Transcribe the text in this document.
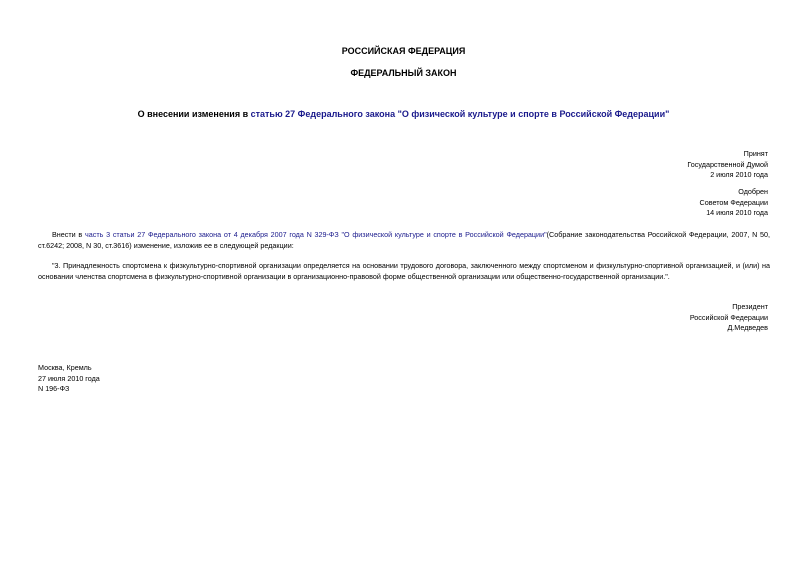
РОССИЙСКАЯ ФЕДЕРАЦИЯ
ФЕДЕРАЛЬНЫЙ ЗАКОН
О внесении изменения в статью 27 Федерального закона "О физической культуре и спорте в Российской Федерации"
Принят
Государственной Думой
2 июля 2010 года
Одобрен
Советом Федерации
14 июля 2010 года
Внести в часть 3 статьи 27 Федерального закона от 4 декабря 2007 года N 329-ФЗ "О физической культуре и спорте в Российской Федерации"(Собрание законодательства Российской Федерации, 2007, N 50, ст.6242; 2008, N 30, ст.3616) изменение, изложив ее в следующей редакции:
"3. Принадлежность спортсмена к физкультурно-спортивной организации определяется на основании трудового договора, заключенного между спортсменом и физкультурно-спортивной организацией, и (или) на основании членства спортсмена в физкультурно-спортивной организации в организационно-правовой форме общественной организации или общественно-государственной организации.".
Президент
Российской Федерации
Д.Медведев
Москва, Кремль
27 июля 2010 года
N 196-ФЗ
